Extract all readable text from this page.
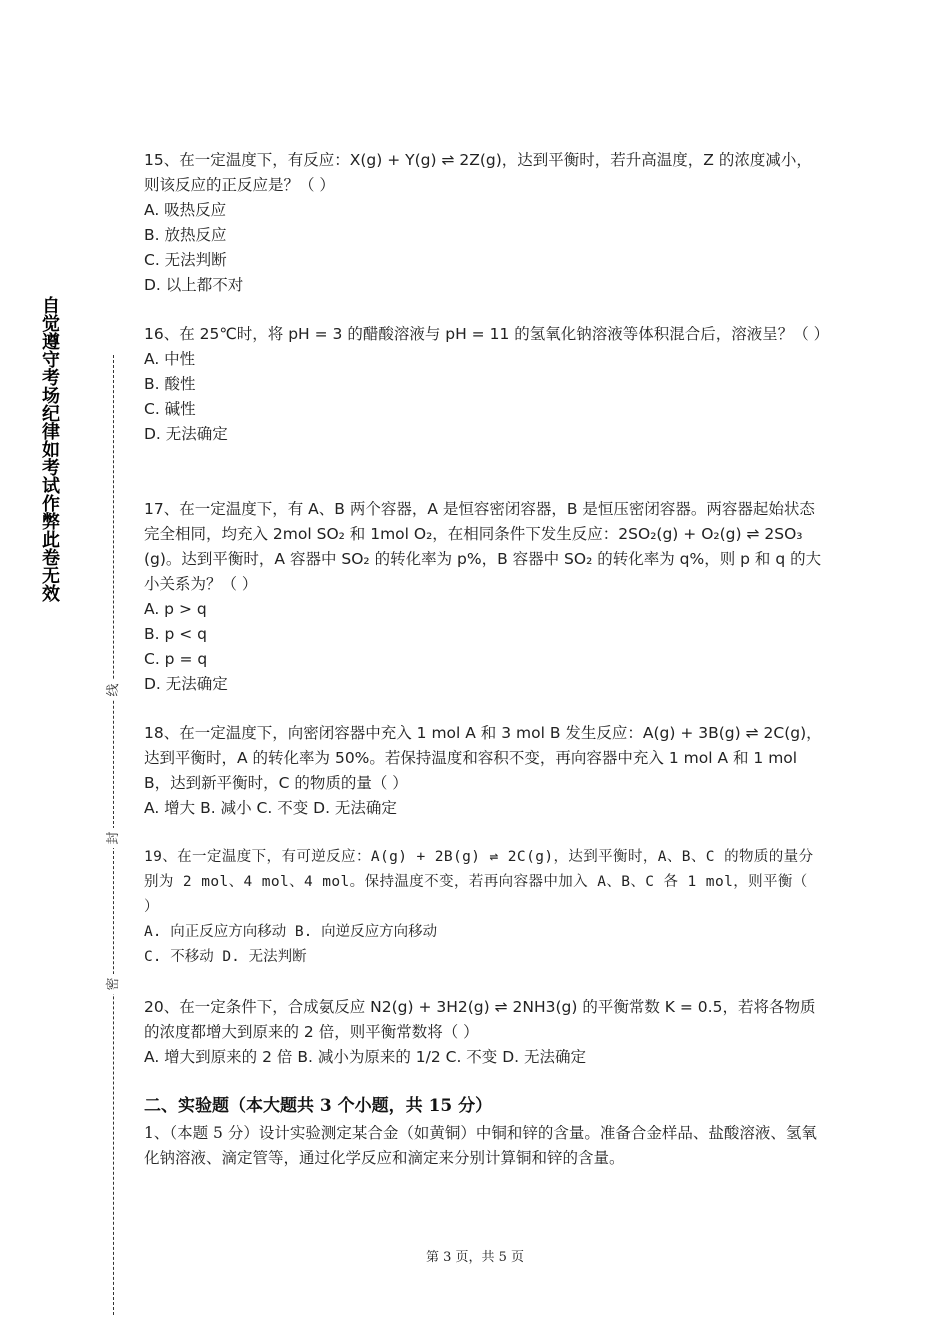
自觉遵守考场纪律如考试作弊此卷无效
线
封
密

15、在一定温度下，有反应：X(g) + Y(g) ⇌ 2Z(g)，达到平衡时，若升高温度，Z 的浓度减小，则该反应的正反应是？（ ）

A. 吸热反应

B. 放热反应

C. 无法判断

D. 以上都不对

16、在 25℃时，将 pH = 3 的醋酸溶液与 pH = 11 的氢氧化钠溶液等体积混合后，溶液呈？（ ）

A. 中性

B. 酸性

C. 碱性

D. 无法确定

17、在一定温度下，有 A、B 两个容器，A 是恒容密闭容器，B 是恒压密闭容器。两容器起始状态完全相同，均充入 2mol SO₂ 和 1mol O₂，在相同条件下发生反应：2SO₂(g) + O₂(g) ⇌ 2SO₃(g)。达到平衡时，A 容器中 SO₂ 的转化率为 p%，B 容器中 SO₂ 的转化率为 q%，则 p 和 q 的大小关系为？（ ）

A. p > q

B. p < q

C. p = q

D. 无法确定

18、在一定温度下，向密闭容器中充入 1 mol A 和 3 mol B 发生反应：A(g) + 3B(g) ⇌ 2C(g)，达到平衡时，A 的转化率为 50%。若保持温度和容积不变，再向容器中充入 1 mol A 和 1 mol B，达到新平衡时，C 的物质的量（ ）

A. 增大 B. 减小 C. 不变 D. 无法确定

19、在一定温度下，有可逆反应：A(g) + 2B(g) ⇌ 2C(g)，达到平衡时，A、B、C 的物质的量分别为 2 mol、4 mol、4 mol。保持温度不变，若再向容器中加入 A、B、C 各 1 mol，则平衡（ ）

A. 向正反应方向移动 B. 向逆反应方向移动

C. 不移动 D. 无法判断

20、在一定条件下，合成氨反应 N2(g) + 3H2(g) ⇌ 2NH3(g) 的平衡常数 K = 0.5，若将各物质的浓度都增大到原来的 2 倍，则平衡常数将（ ）

A. 增大到原来的 2 倍 B. 减小为原来的 1/2 C. 不变 D. 无法确定

二、实验题（本大题共 3 个小题，共 15 分）

1、（本题 5 分）设计实验测定某合金（如黄铜）中铜和锌的含量。准备合金样品、盐酸溶液、氢氧化钠溶液、滴定管等，通过化学反应和滴定来分别计算铜和锌的含量。

第 3 页，共 5 页
